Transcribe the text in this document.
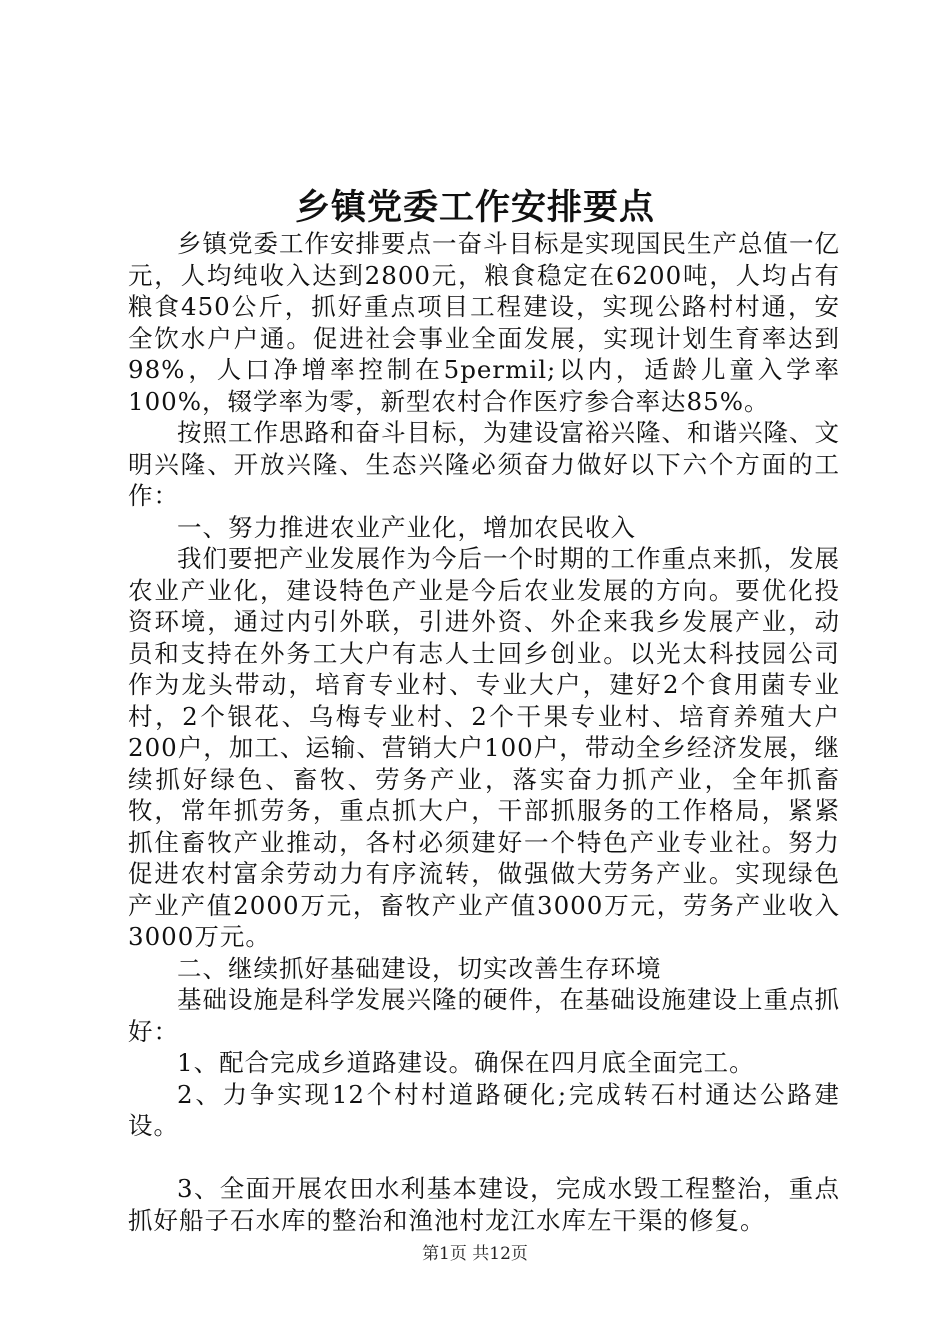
乡镇党委工作安排要点

乡镇党委工作安排要点一奋斗目标是实现国民生产总值一亿元，人均纯收入达到2800元，粮食稳定在6200吨，人均占有粮食450公斤，抓好重点项目工程建设，实现公路村村通，安全饮水户户通。促进社会事业全面发展，实现计划生育率达到98%，人口净增率控制在5permil;以内，适龄儿童入学率100%，辍学率为零，新型农村合作医疗参合率达85%。

按照工作思路和奋斗目标，为建设富裕兴隆、和谐兴隆、文明兴隆、开放兴隆、生态兴隆必须奋力做好以下六个方面的工作：

一、努力推进农业产业化，增加农民收入

我们要把产业发展作为今后一个时期的工作重点来抓，发展农业产业化，建设特色产业是今后农业发展的方向。要优化投资环境，通过内引外联，引进外资、外企来我乡发展产业，动员和支持在外务工大户有志人士回乡创业。以光太科技园公司作为龙头带动，培育专业村、专业大户，建好2个食用菌专业村，2个银花、乌梅专业村、2个干果专业村、培育养殖大户200户，加工、运输、营销大户100户，带动全乡经济发展，继续抓好绿色、畜牧、劳务产业，落实奋力抓产业，全年抓畜牧，常年抓劳务，重点抓大户，干部抓服务的工作格局，紧紧抓住畜牧产业推动，各村必须建好一个特色产业专业社。努力促进农村富余劳动力有序流转，做强做大劳务产业。实现绿色产业产值2000万元，畜牧产业产值3000万元，劳务产业收入3000万元。

二、继续抓好基础建设，切实改善生存环境

基础设施是科学发展兴隆的硬件，在基础设施建设上重点抓好：

1、配合完成乡道路建设。确保在四月底全面完工。

2、力争实现12个村村道路硬化;完成转石村通达公路建设。

3、全面开展农田水利基本建设，完成水毁工程整治，重点抓好船子石水库的整治和渔池村龙江水库左干渠的修复。

第1页 共12页
